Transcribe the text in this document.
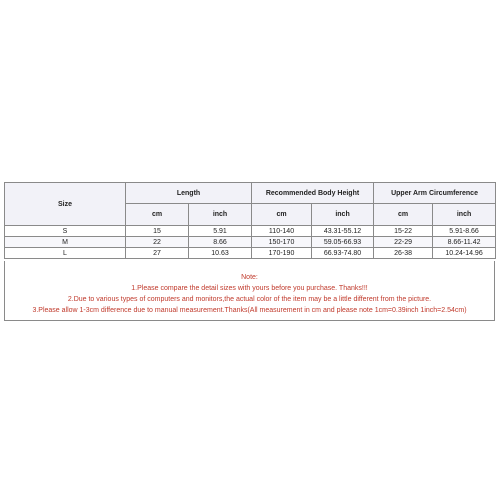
Size	Length		Recommended Body Height		Upper Arm Circumference	
	cm	inch	cm	inch	cm	inch
S	15	5.91	110-140	43.31-55.12	15-22	5.91-8.66
M	22	8.66	150-170	59.05-66.93	22-29	8.66-11.42
L	27	10.63	170-190	66.93-74.80	26-38	10.24-14.96
Note:
1.Please compare the detail sizes with yours before you purchase. Thanks!!!
2.Due to various types of computers and monitors,the actual color of the item may be a little different from the picture.
3.Please allow 1-3cm difference due to manual measurement.Thanks(All measurement in cm and please note 1cm=0.39inch 1inch=2.54cm)
